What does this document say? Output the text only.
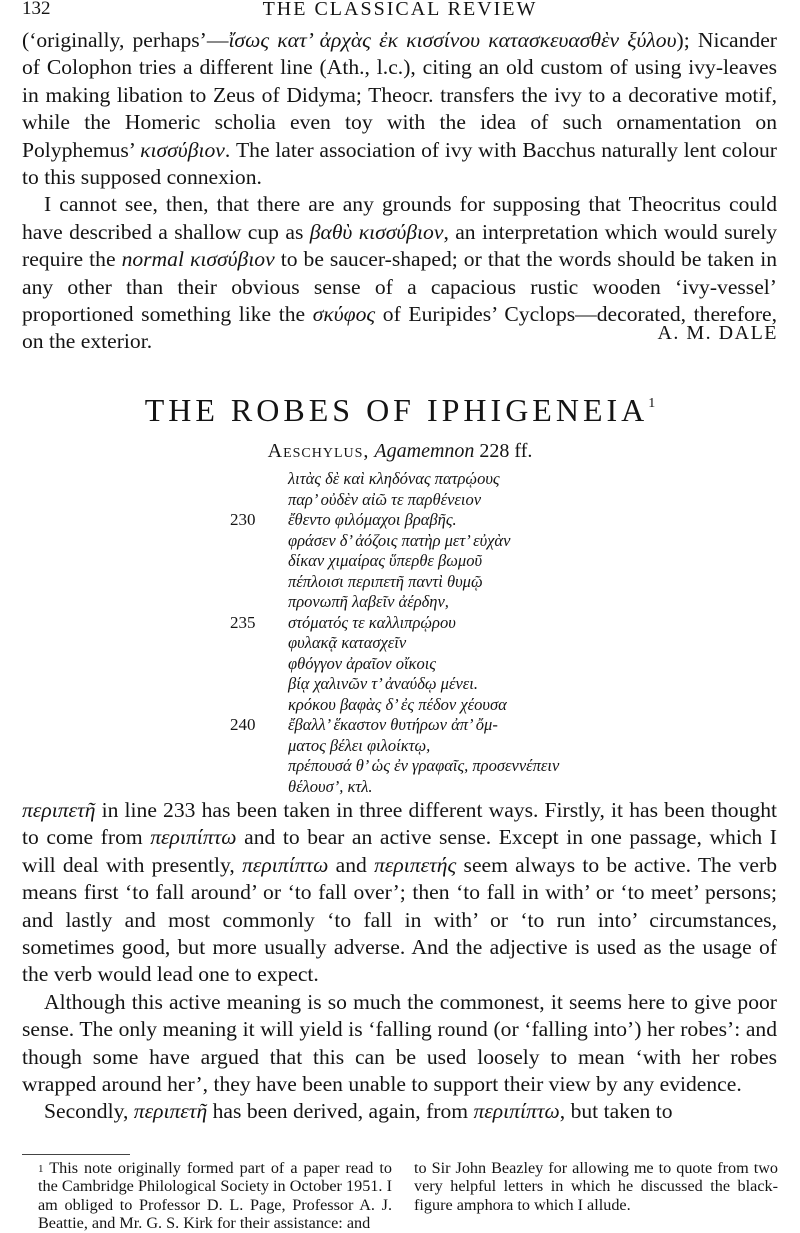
132	THE CLASSICAL REVIEW

(‘originally, perhaps’—ἴσως κατ’ ἀρχὰς ἐκ κισσίνου κατασκευασθὲν ξύλου); Nicander of Colophon tries a different line (Ath., l.c.), citing an old custom of using ivy-leaves in making libation to Zeus of Didyma; Theocr. transfers the ivy to a decorative motif, while the Homeric scholia even toy with the idea of such ornamentation on Polyphemus’ κισσύβιον. The later association of ivy with Bacchus naturally lent colour to this supposed connexion.

I cannot see, then, that there are any grounds for supposing that Theocritus could have described a shallow cup as βαθὺ κισσύβιον, an interpretation which would surely require the normal κισσύβιον to be saucer-shaped; or that the words should be taken in any other than their obvious sense of a capacious rustic wooden ‘ivy-vessel’ proportioned something like the σκύφος of Euripides’ Cyclops—decorated, therefore, on the exterior.	A. M. DALE
THE ROBES OF IPHIGENEIA$^1$
Aeschylus, Agamemnon 228 ff.
λιτὰς δὲ καὶ κληδόνας πατρῴους
παρ’ οὐδὲν αἰῶ τε παρθένειον
230 ἔθεντο φιλόμαχοι βραβῆς.
φράσεν δ’ ἀόζοις πατὴρ μετ’ εὐχὰν
δίκαν χιμαίρας ὕπερθε βωμοῦ
πέπλοισι περιπετῆ παντὶ θυμῷ
προνωπῆ λαβεῖν ἀέρδην,
235 στόματός τε καλλιπρῴρου
φυλακᾷ κατασχεῖν
φθόγγον ἀραῖον οἴκοις
βίᾳ χαλινῶν τ’ ἀναύδῳ μένει.
κρόκου βαφὰς δ’ ἐς πέδον χέουσα
240 ἔβαλλ’ ἕκαστον θυτήρων ἀπ’ ὄμ-
ματος βέλει φιλοίκτῳ,
πρέπουσά θ’ ὡς ἐν γραφαῖς, προσεννέπειν
θέλουσ’, κτλ.

περιπετῆ in line 233 has been taken in three different ways. Firstly, it has been thought to come from περιπίπτω and to bear an active sense. Except in one passage, which I will deal with presently, περιπίπτω and περιπετής seem always to be active. The verb means first ‘to fall around’ or ‘to fall over’; then ‘to fall in with’ or ‘to meet’ persons; and lastly and most commonly ‘to fall in with’ or ‘to run into’ circumstances, sometimes good, but more usually adverse. And the adjective is used as the usage of the verb would lead one to expect.

Although this active meaning is so much the commonest, it seems here to give poor sense. The only meaning it will yield is ‘falling round (or ‘falling into’) her robes’: and though some have argued that this can be used loosely to mean ‘with her robes wrapped around her’, they have been unable to support their view by any evidence.

Secondly, περιπετῆ has been derived, again, from περιπίπτω, but taken to

$^1$ This note originally formed part of a paper read to the Cambridge Philological Society in October 1951. I am obliged to Professor D. L. Page, Professor A. J. Beattie, and Mr. G. S. Kirk for their assistance: and

to Sir John Beazley for allowing me to quote from two very helpful letters in which he discussed the black-figure amphora to which I allude.
